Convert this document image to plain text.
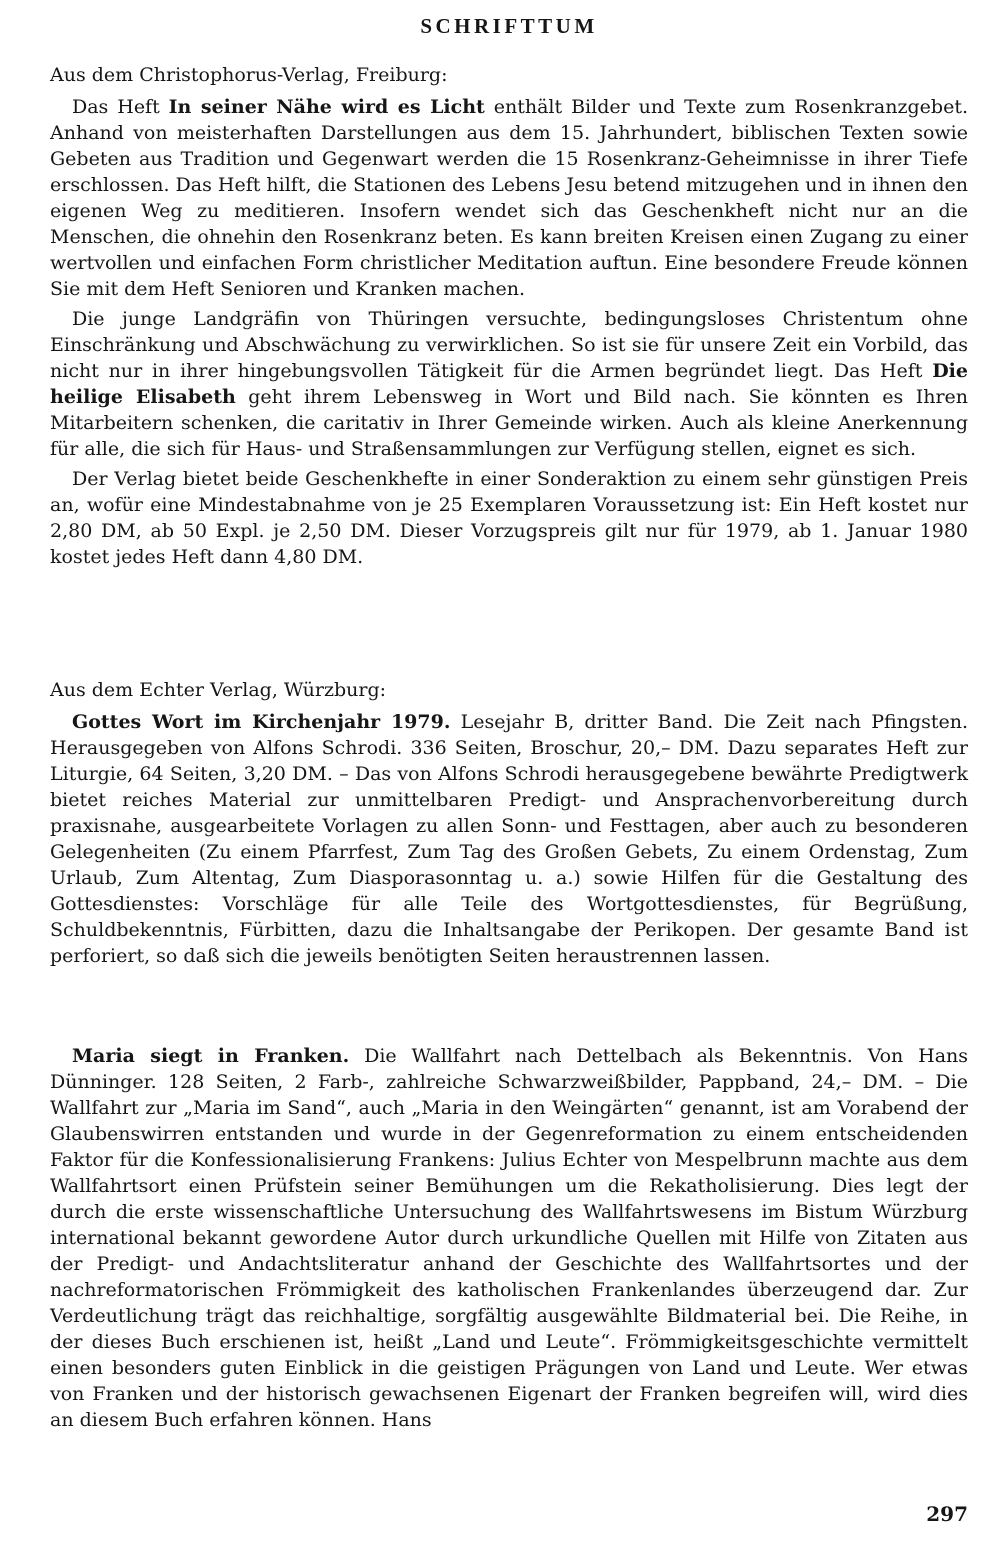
SCHRIFTTUM
Aus dem Christophorus-Verlag, Freiburg:

Das Heft In seiner Nähe wird es Licht enthält Bilder und Texte zum Rosenkranzgebet. Anhand von meisterhaften Darstellungen aus dem 15. Jahrhundert, biblischen Texten sowie Gebeten aus Tradition und Gegenwart werden die 15 Rosenkranz-Geheimnisse in ihrer Tiefe erschlossen. Das Heft hilft, die Stationen des Lebens Jesu betend mitzugehen und in ihnen den eigenen Weg zu meditieren. Insofern wendet sich das Geschenkheft nicht nur an die Menschen, die ohnehin den Rosenkranz beten. Es kann breiten Kreisen einen Zugang zu einer wertvollen und einfachen Form christlicher Meditation auftun. Eine besondere Freude können Sie mit dem Heft Senioren und Kranken machen.

Die junge Landgräfin von Thüringen versuchte, bedingungsloses Christentum ohne Einschränkung und Abschwächung zu verwirklichen. So ist sie für unsere Zeit ein Vorbild, das nicht nur in ihrer hingebungsvollen Tätigkeit für die Armen begründet liegt. Das Heft Die heilige Elisabeth geht ihrem Lebensweg in Wort und Bild nach. Sie könnten es Ihren Mitarbeitern schenken, die caritativ in Ihrer Gemeinde wirken. Auch als kleine Anerkennung für alle, die sich für Haus- und Straßensammlungen zur Verfügung stellen, eignet es sich.

Der Verlag bietet beide Geschenkhefte in einer Sonderaktion zu einem sehr günstigen Preis an, wofür eine Mindestabnahme von je 25 Exemplaren Voraussetzung ist: Ein Heft kostet nur 2,80 DM, ab 50 Expl. je 2,50 DM. Dieser Vorzugspreis gilt nur für 1979, ab 1. Januar 1980 kostet jedes Heft dann 4,80 DM.

Aus dem Echter Verlag, Würzburg:

Gottes Wort im Kirchenjahr 1979. Lesejahr B, dritter Band. Die Zeit nach Pfingsten. Herausgegeben von Alfons Schrodi. 336 Seiten, Broschur, 20,– DM. Dazu separates Heft zur Liturgie, 64 Seiten, 3,20 DM. – Das von Alfons Schrodi herausgegebene bewährte Predigtwerk bietet reiches Material zur unmittelbaren Predigt- und Ansprachenvorbereitung durch praxisnahe, ausgearbeitete Vorlagen zu allen Sonn- und Festtagen, aber auch zu besonderen Gelegenheiten (Zu einem Pfarrfest, Zum Tag des Großen Gebets, Zu einem Ordenstag, Zum Urlaub, Zum Altentag, Zum Diasporasonntag u. a.) sowie Hilfen für die Gestaltung des Gottesdienstes: Vorschläge für alle Teile des Wortgottesdienstes, für Begrüßung, Schuldbekenntnis, Fürbitten, dazu die Inhaltsangabe der Perikopen. Der gesamte Band ist perforiert, so daß sich die jeweils benötigten Seiten heraustrennen lassen.

Maria siegt in Franken. Die Wallfahrt nach Dettelbach als Bekenntnis. Von Hans Dünninger. 128 Seiten, 2 Farb-, zahlreiche Schwarzweißbilder, Pappband, 24,– DM. – Die Wallfahrt zur „Maria im Sand“, auch „Maria in den Weingärten“ genannt, ist am Vorabend der Glaubenswirren entstanden und wurde in der Gegenreformation zu einem entscheidenden Faktor für die Konfessionalisierung Frankens: Julius Echter von Mespelbrunn machte aus dem Wallfahrtsort einen Prüfstein seiner Bemühungen um die Rekatholisierung. Dies legt der durch die erste wissenschaftliche Untersuchung des Wallfahrtswesens im Bistum Würzburg international bekannt gewordene Autor durch urkundliche Quellen mit Hilfe von Zitaten aus der Predigt- und Andachtsliteratur anhand der Geschichte des Wallfahrtsortes und der nachreformatorischen Frömmigkeit des katholischen Frankenlandes überzeugend dar. Zur Verdeutlichung trägt das reichhaltige, sorgfältig ausgewählte Bildmaterial bei. Die Reihe, in der dieses Buch erschienen ist, heißt „Land und Leute“. Frömmigkeitsgeschichte vermittelt einen besonders guten Einblick in die geistigen Prägungen von Land und Leute. Wer etwas von Franken und der historisch gewachsenen Eigenart der Franken begreifen will, wird dies an diesem Buch erfahren können. Hans

297
